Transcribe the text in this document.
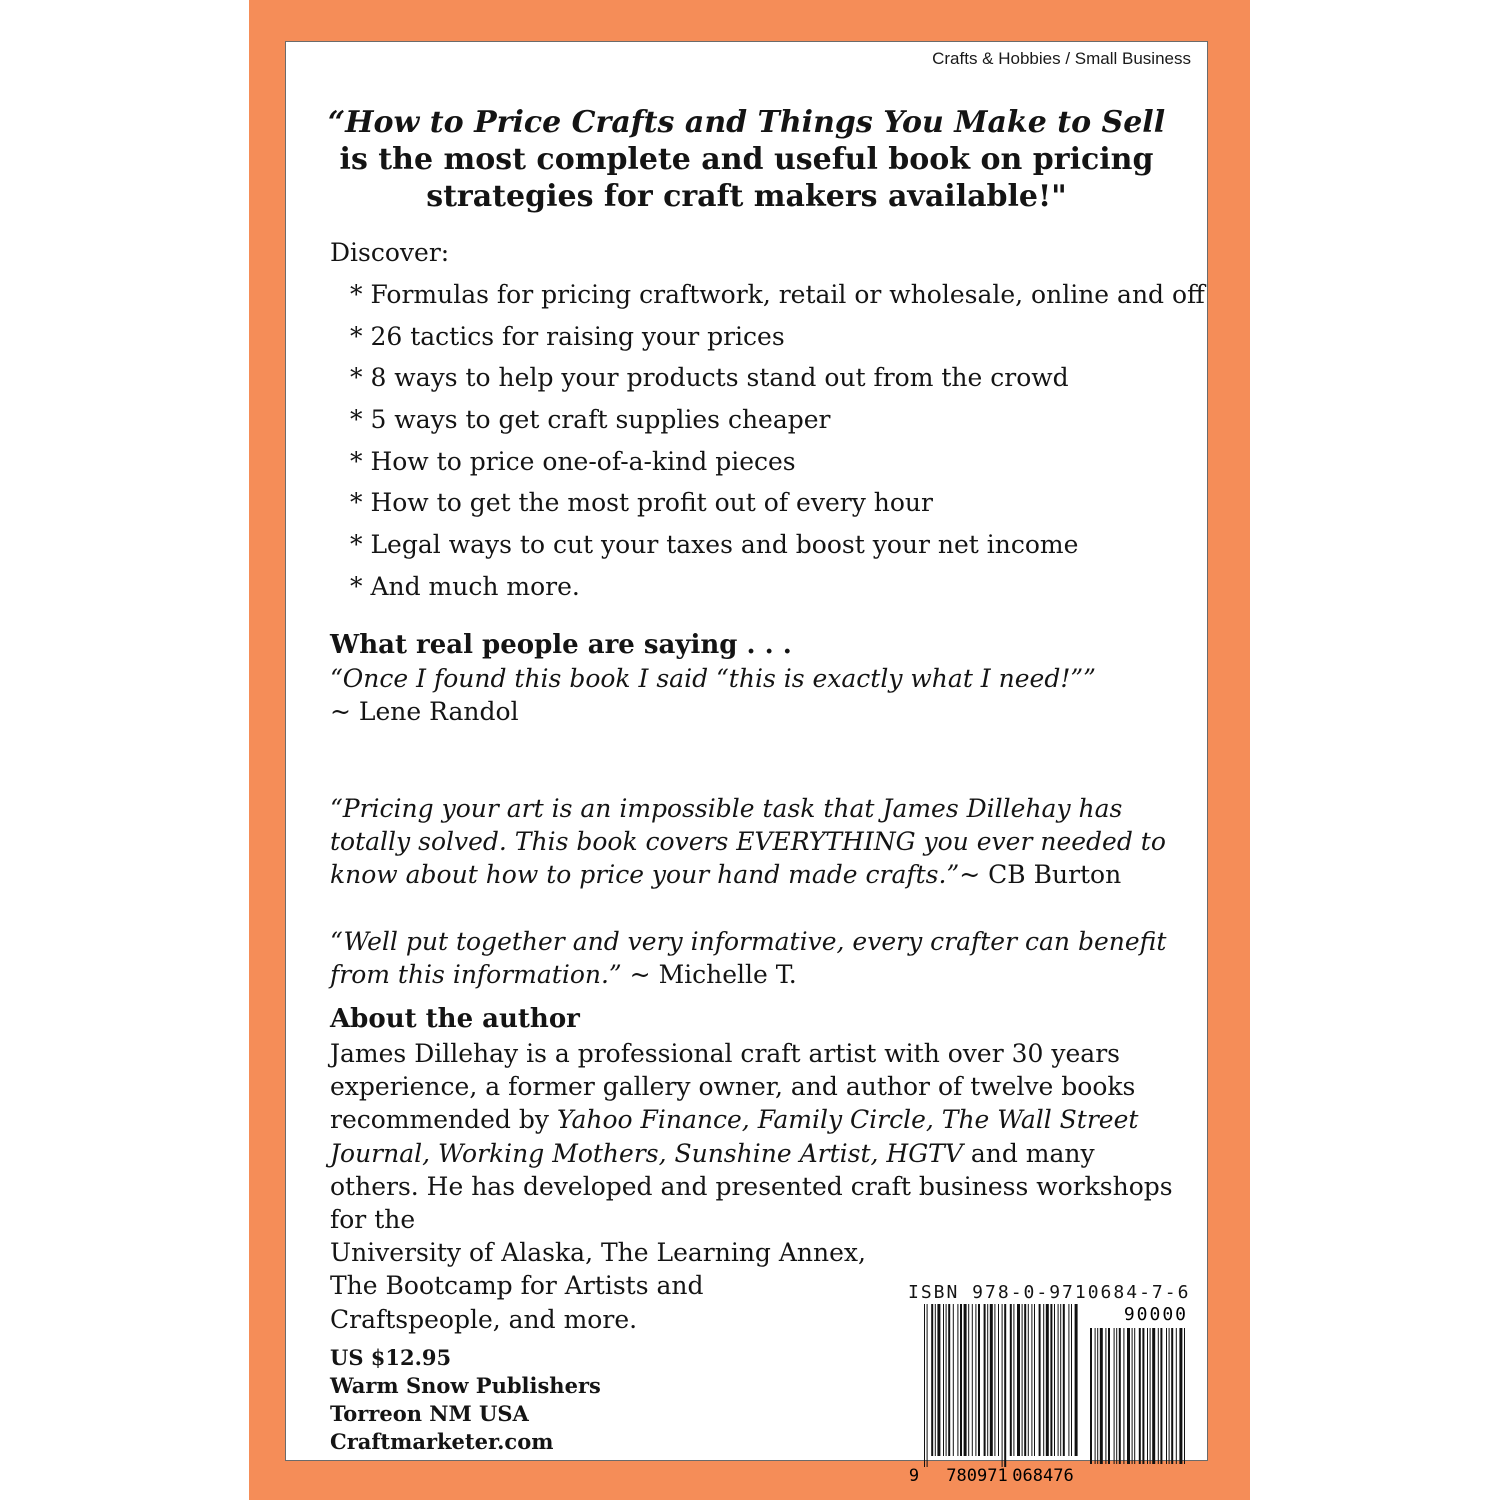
Crafts & Hobbies / Small Business
“How to Price Crafts and Things You Make to Sell
is the most complete and useful book on pricing
strategies for craft makers available!"
Discover:
* Formulas for pricing craftwork, retail or wholesale, online and off
* 26 tactics for raising your prices
* 8 ways to help your products stand out from the crowd
* 5 ways to get craft supplies cheaper
* How to price one-of-a-kind pieces
* How to get the most profit out of every hour
* Legal ways to cut your taxes and boost your net income
* And much more.
What real people are saying . . .
“Once I found this book I said “this is exactly what I need!””
~ Lene Randol
“Pricing your art is an impossible task that James Dillehay has totally solved. This book covers EVERYTHING you ever needed to know about how to price your hand made crafts.”~ CB Burton
“Well put together and very informative, every crafter can benefit from this information.” ~ Michelle T.
About the author
James Dillehay is a professional craft artist with over 30 years experience, a former gallery owner, and author of twelve books recommended by Yahoo Finance, Family Circle, The Wall Street Journal, Working Mothers, Sunshine Artist, HGTV and many others. He has developed and presented craft business workshops for the
University of Alaska, The Learning Annex,
The Bootcamp for Artists and
Craftspeople, and more.
US $12.95
Warm Snow Publishers
Torreon NM USA
Craftmarketer.com
ISBN 978-0-9710684-7-6
90000
9 780971 068476
